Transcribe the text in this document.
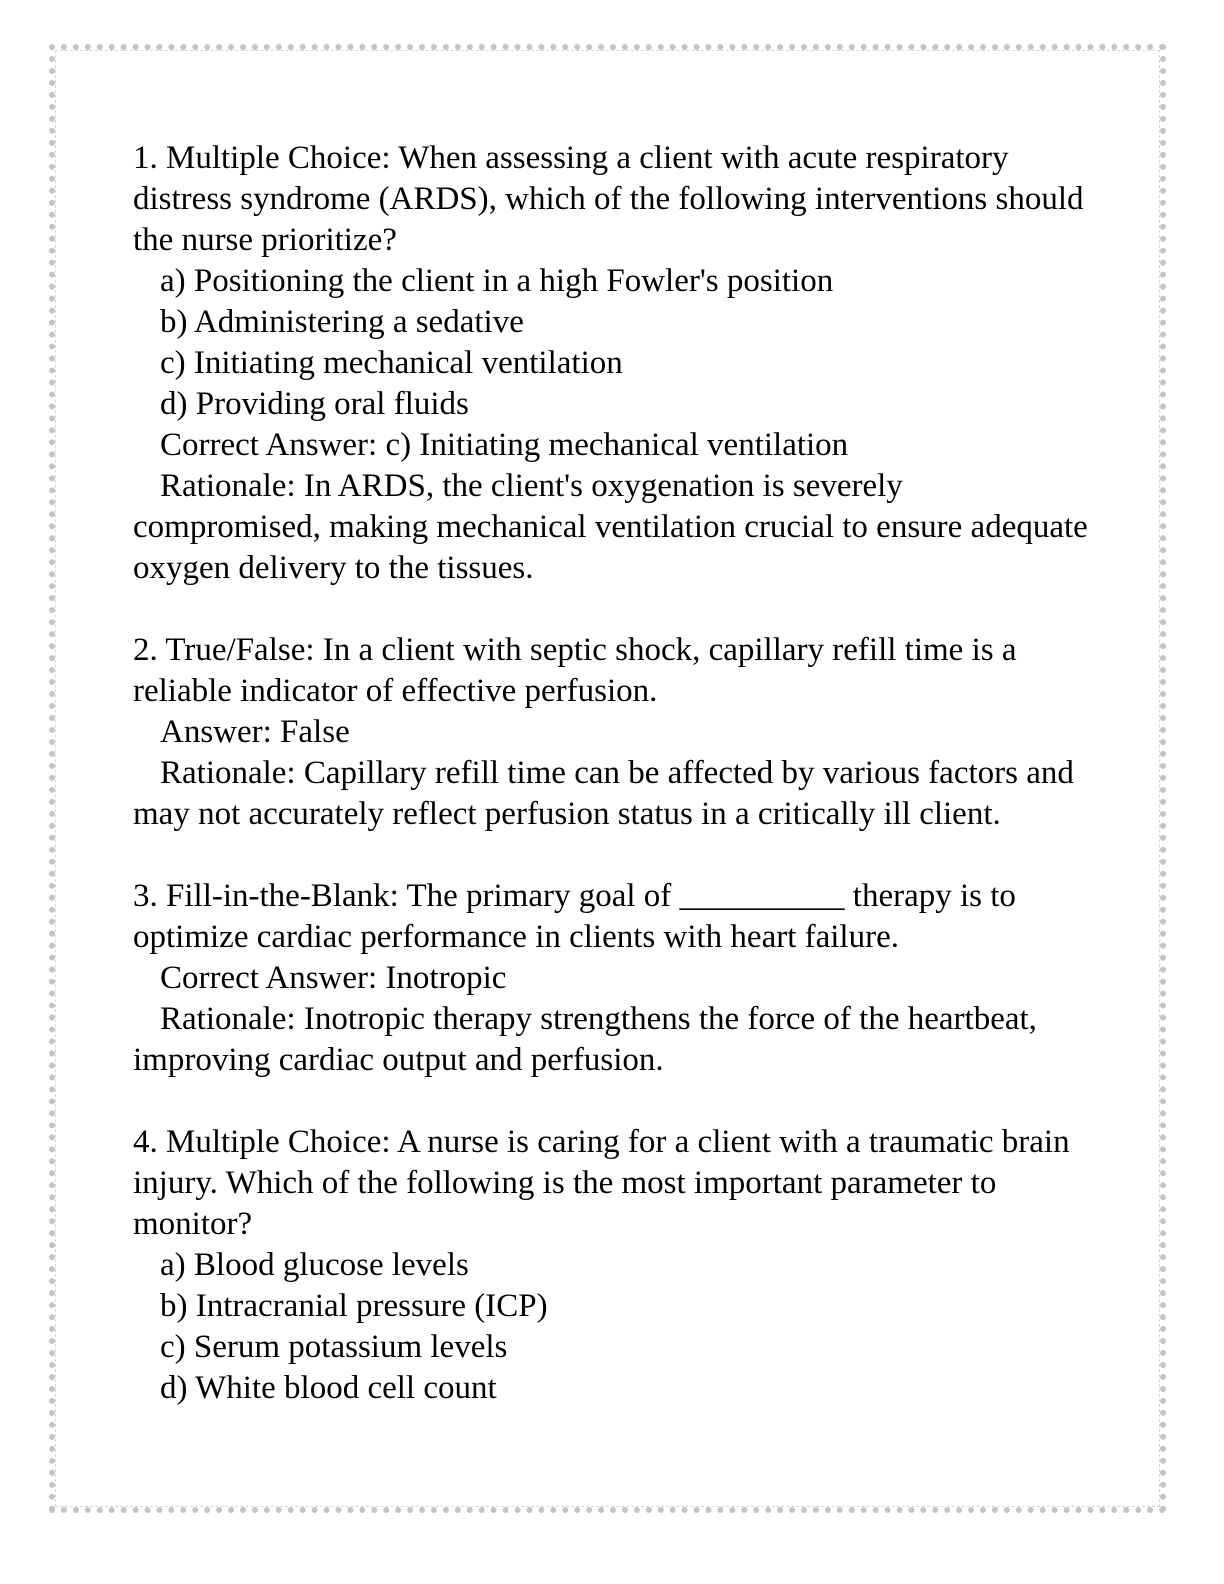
1. Multiple Choice: When assessing a client with acute respiratory distress syndrome (ARDS), which of the following interventions should the nurse prioritize?
a) Positioning the client in a high Fowler's position
b) Administering a sedative
c) Initiating mechanical ventilation
d) Providing oral fluids
Correct Answer: c) Initiating mechanical ventilation
Rationale: In ARDS, the client's oxygenation is severely compromised, making mechanical ventilation crucial to ensure adequate oxygen delivery to the tissues.
2. True/False: In a client with septic shock, capillary refill time is a reliable indicator of effective perfusion.
Answer: False
Rationale: Capillary refill time can be affected by various factors and may not accurately reflect perfusion status in a critically ill client.
3. Fill-in-the-Blank: The primary goal of __________ therapy is to optimize cardiac performance in clients with heart failure.
Correct Answer: Inotropic
Rationale: Inotropic therapy strengthens the force of the heartbeat, improving cardiac output and perfusion.
4. Multiple Choice: A nurse is caring for a client with a traumatic brain injury. Which of the following is the most important parameter to monitor?
a) Blood glucose levels
b) Intracranial pressure (ICP)
c) Serum potassium levels
d) White blood cell count
